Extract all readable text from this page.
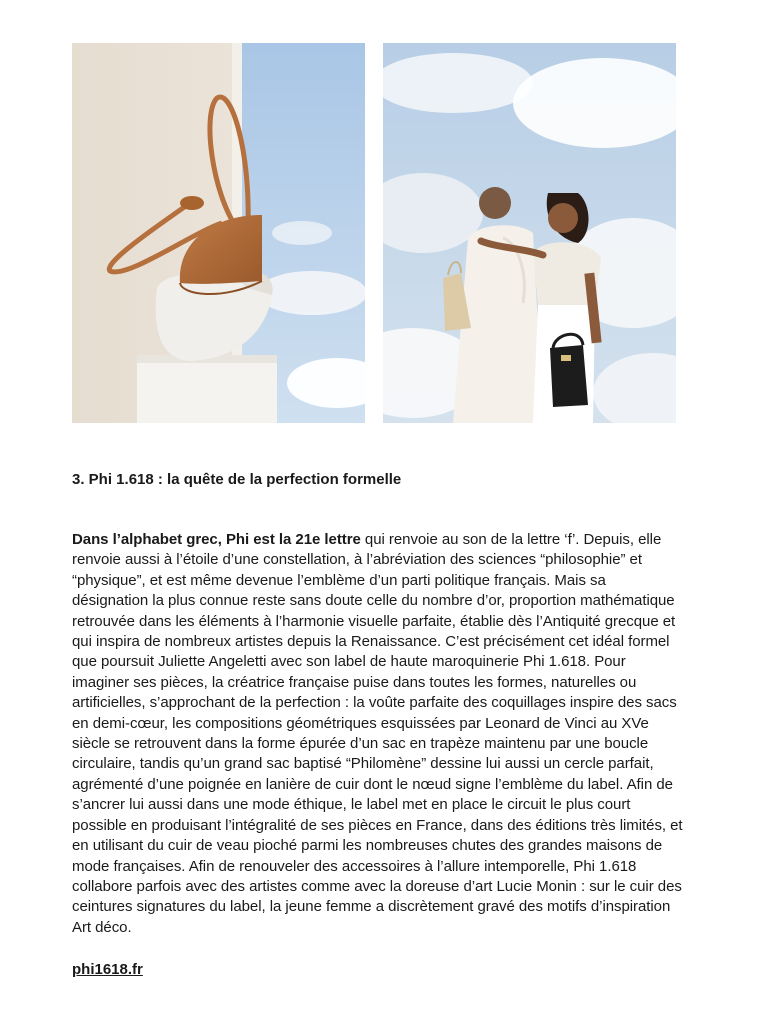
3. Phi 1.618 : la quête de la perfection formelle

Dans l’alphabet grec, Phi est la 21e lettre qui renvoie au son de la lettre ‘f’. Depuis, elle renvoie aussi à l’étoile d’une constellation, à l’abréviation des sciences “philosophie” et “physique”, et est même devenue l’emblème d’un parti politique français. Mais sa désignation la plus connue reste sans doute celle du nombre d’or, proportion mathématique retrouvée dans les éléments à l’harmonie visuelle parfaite, établie dès l’Antiquité grecque et qui inspira de nombreux artistes depuis la Renaissance. C’est précisément cet idéal formel que poursuit Juliette Angeletti avec son label de haute maroquinerie Phi 1.618. Pour imaginer ses pièces, la créatrice française puise dans toutes les formes, naturelles ou artificielles, s’approchant de la perfection : la voûte parfaite des coquillages inspire des sacs en demi-cœur, les compositions géométriques esquissées par Leonard de Vinci au XVe siècle se retrouvent dans la forme épurée d’un sac en trapèze maintenu par une boucle circulaire, tandis qu’un grand sac baptisé “Philomène” dessine lui aussi un cercle parfait, agrémenté d’une poignée en lanière de cuir dont le nœud signe l’emblème du label. Afin de s’ancrer lui aussi dans une mode éthique, le label met en place le circuit le plus court possible en produisant l’intégralité de ses pièces en France, dans des éditions très limités, et en utilisant du cuir de veau pioché parmi les nombreuses chutes des grandes maisons de mode françaises. Afin de renouveler des accessoires à l’allure intemporelle, Phi 1.618 collabore parfois avec des artistes comme avec la doreuse d’art Lucie Monin : sur le cuir des ceintures signatures du label, la jeune femme a discrètement gravé des motifs d’inspiration Art déco.

phi1618.fr
